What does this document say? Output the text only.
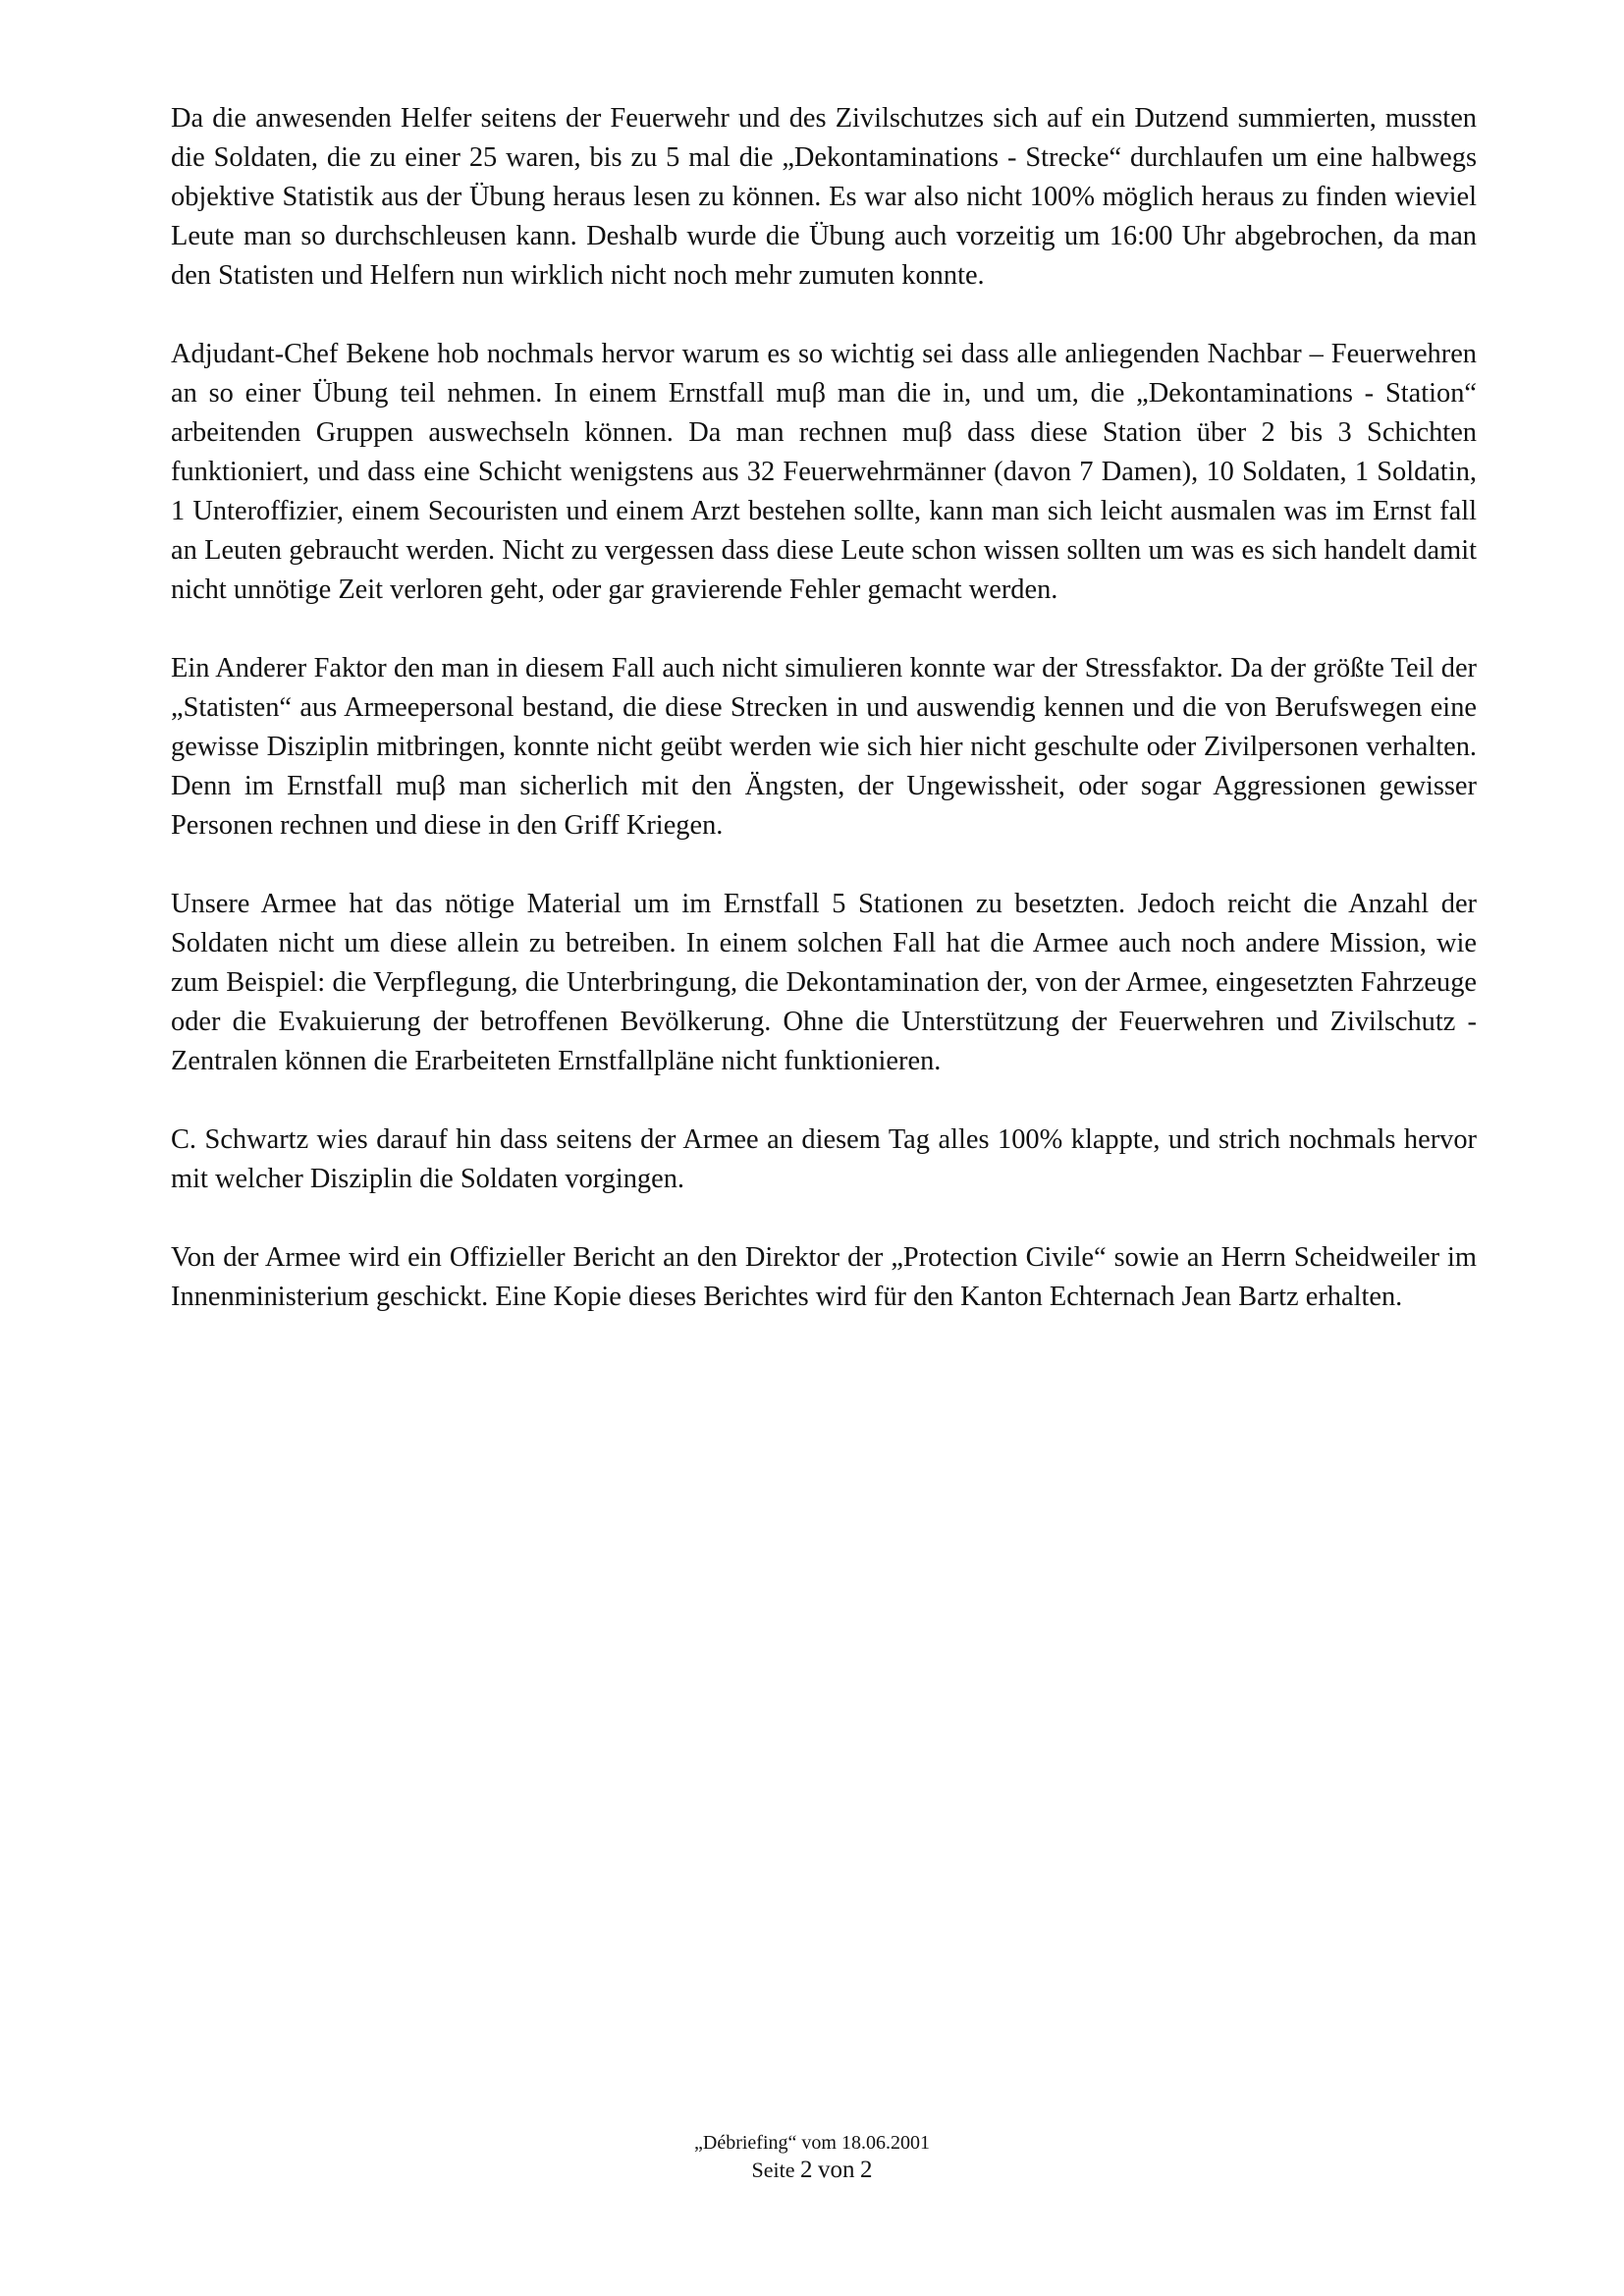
Da die anwesenden Helfer seitens der Feuerwehr und des Zivilschutzes sich auf ein Dutzend summierten, mussten die Soldaten, die zu einer 25 waren, bis zu 5 mal die „Dekontaminations - Strecke“ durchlaufen um eine halbwegs objektive Statistik aus der Übung heraus lesen zu können. Es war also nicht 100% möglich heraus zu finden wieviel Leute man so durchschleusen kann. Deshalb wurde die Übung auch vorzeitig um 16:00 Uhr abgebrochen, da man den Statisten und Helfern nun wirklich nicht noch mehr zumuten konnte.

Adjudant-Chef Bekene hob nochmals hervor warum es so wichtig sei dass alle anliegenden Nachbar – Feuerwehren an so einer Übung teil nehmen. In einem Ernstfall muβ man die in, und um, die „Dekontaminations - Station“ arbeitenden Gruppen auswechseln können. Da man rechnen muβ dass diese Station über 2 bis 3 Schichten funktioniert, und dass eine Schicht wenigstens aus 32 Feuerwehrmänner (davon 7 Damen), 10 Soldaten, 1 Soldatin, 1 Unteroffizier, einem Secouristen und einem Arzt bestehen sollte, kann man sich leicht ausmalen was im Ernst fall an Leuten gebraucht werden. Nicht zu vergessen dass diese Leute schon wissen sollten um was es sich handelt damit nicht unnötige Zeit verloren geht, oder gar gravierende Fehler gemacht werden.

Ein Anderer Faktor den man in diesem Fall auch nicht simulieren konnte war der Stressfaktor. Da der größte Teil der „Statisten“ aus Armeepersonal bestand, die diese Strecken in und auswendig kennen und die von Berufswegen eine gewisse Disziplin mitbringen, konnte nicht geübt werden wie sich hier nicht geschulte oder Zivilpersonen verhalten. Denn im Ernstfall muβ man sicherlich mit den Ängsten, der Ungewissheit, oder sogar Aggressionen gewisser Personen rechnen und diese in den Griff Kriegen.

Unsere Armee hat das nötige Material um im Ernstfall 5 Stationen zu besetzten. Jedoch reicht die Anzahl der Soldaten nicht um diese allein zu betreiben. In einem solchen Fall hat die Armee auch noch andere Mission, wie zum Beispiel: die Verpflegung, die Unterbringung, die Dekontamination der, von der Armee, eingesetzten Fahrzeuge oder die Evakuierung der betroffenen Bevölkerung. Ohne die Unterstützung der Feuerwehren und Zivilschutz - Zentralen können die Erarbeiteten Ernstfallpläne nicht funktionieren.

C. Schwartz wies darauf hin dass seitens der Armee an diesem Tag alles 100% klappte, und strich nochmals hervor mit welcher Disziplin die Soldaten vorgingen.

Von der Armee wird ein Offizieller Bericht an den Direktor der „Protection Civile“ sowie an Herrn Scheidweiler im Innenministerium geschickt. Eine Kopie dieses Berichtes wird für den Kanton Echternach Jean Bartz erhalten.

„Débriefing“ vom 18.06.2001
Seite 2 von 2
